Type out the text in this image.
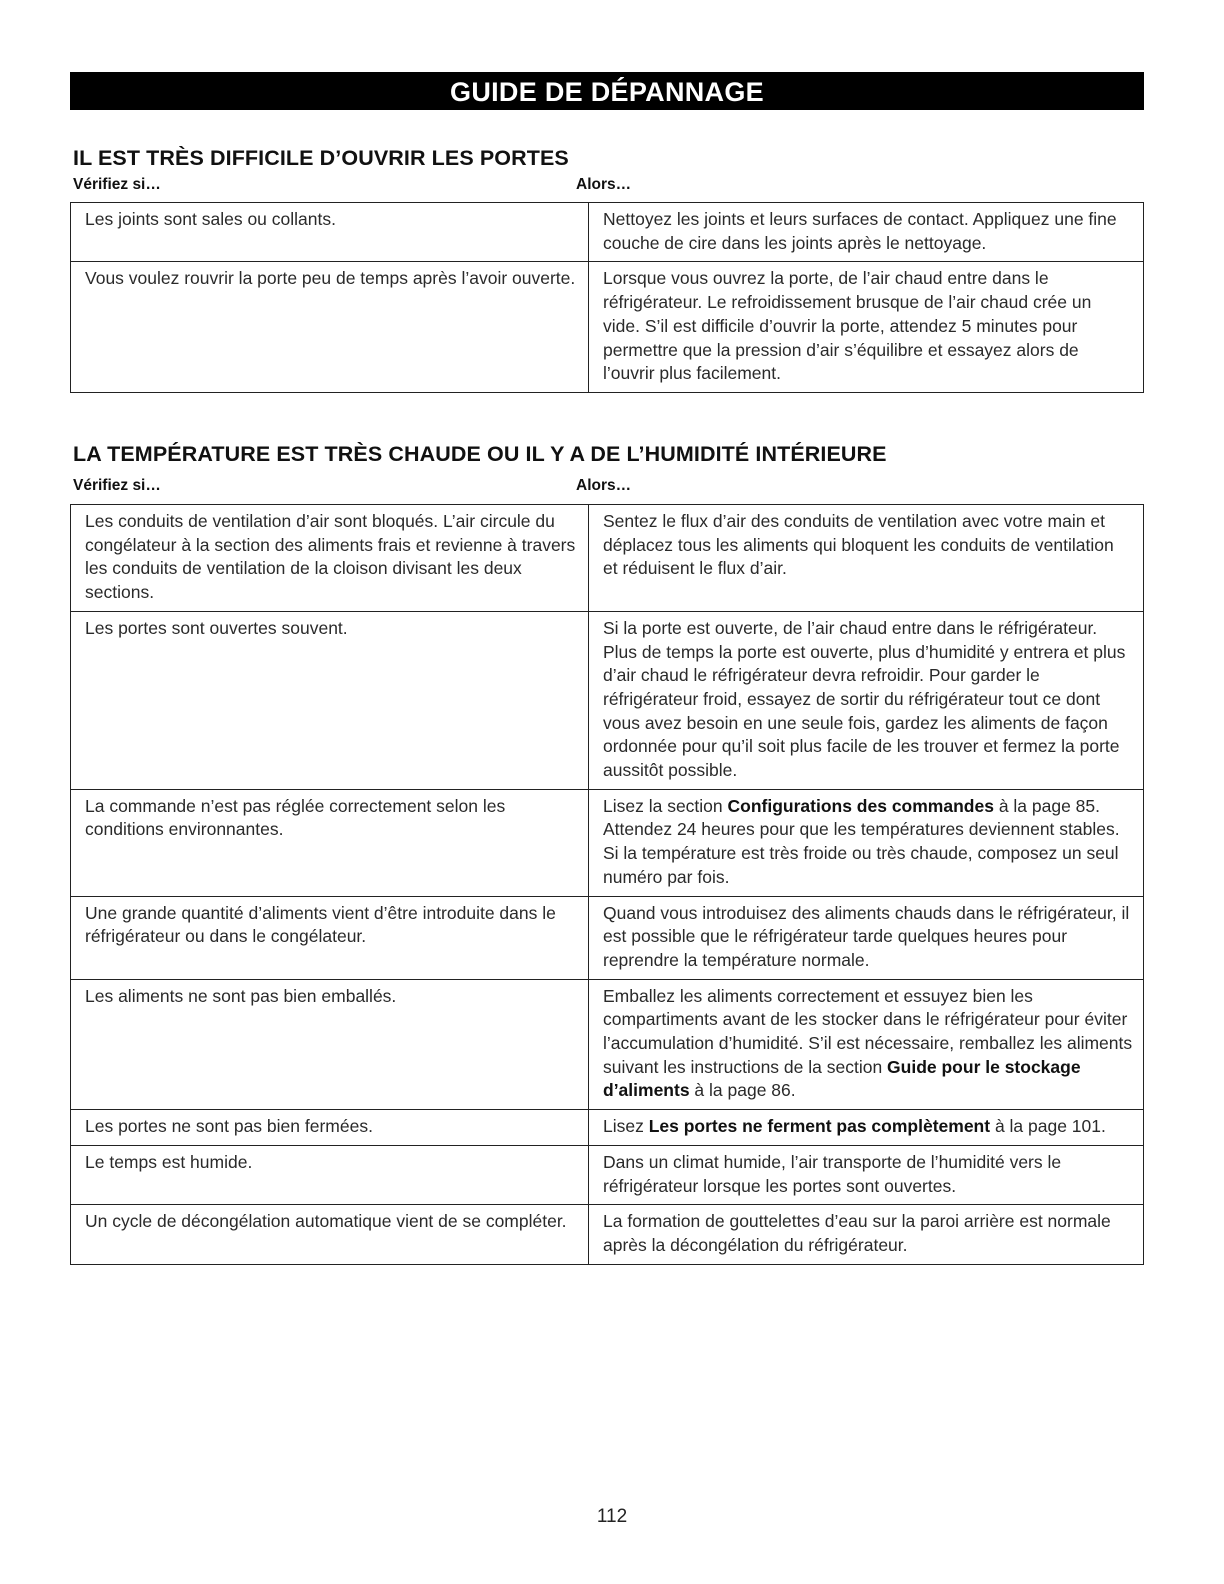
GUIDE DE DÉPANNAGE
IL EST TRÈS DIFFICILE D’OUVRIR LES PORTES
Vérifiez si…	Alors…
Les joints sont sales ou collants.	Nettoyez les joints et leurs surfaces de contact. Appliquez une fine couche de cire dans les joints après le nettoyage.
Vous voulez rouvrir la porte peu de temps après l’avoir ouverte.	Lorsque vous ouvrez la porte, de l’air chaud entre dans le réfrigérateur. Le refroidissement brusque de l’air chaud crée un vide. S’il est difficile d’ouvrir la porte, attendez 5 minutes pour permettre que la pression d’air s’équilibre et essayez alors de l’ouvrir plus facilement.
LA TEMPÉRATURE EST TRÈS CHAUDE OU IL Y A DE L’HUMIDITÉ INTÉRIEURE
Vérifiez si…	Alors…
Les conduits de ventilation d’air sont bloqués. L’air circule du congélateur à la section des aliments frais et revienne à travers les conduits de ventilation de la cloison divisant les deux sections.	Sentez le flux d’air des conduits de ventilation avec votre main et déplacez tous les aliments qui bloquent les conduits de ventilation et réduisent le flux d’air.
Les portes sont ouvertes souvent.	Si la porte est ouverte, de l’air chaud entre dans le réfrigérateur. Plus de temps la porte est ouverte, plus d’humidité y entrera et plus d’air chaud le réfrigérateur devra refroidir. Pour garder le réfrigérateur froid, essayez de sortir du réfrigérateur tout ce dont vous avez besoin en une seule fois, gardez les aliments de façon ordonnée pour qu’il soit plus facile de les trouver et fermez la porte aussitôt possible.
La commande n’est pas réglée correctement selon les conditions environnantes.	Lisez la section Configurations des commandes à la page 85. Attendez 24 heures pour que les températures deviennent stables. Si la température est très froide ou très chaude, composez un seul numéro par fois.
Une grande quantité d’aliments vient d’être introduite dans le réfrigérateur ou dans le congélateur.	Quand vous introduisez des aliments chauds dans le réfrigérateur, il est possible que le réfrigérateur tarde quelques heures pour reprendre la température normale.
Les aliments ne sont pas bien emballés.	Emballez les aliments correctement et essuyez bien les compartiments avant de les stocker dans le réfrigérateur pour éviter l’accumulation d’humidité. S’il est nécessaire, remballez les aliments suivant les instructions de la section Guide pour le stockage d’aliments à la page 86.
Les portes ne sont pas bien fermées.	Lisez Les portes ne ferment pas complètement à la page 101.
Le temps est humide.	Dans un climat humide, l’air transporte de l’humidité vers le réfrigérateur lorsque les portes sont ouvertes.
Un cycle de décongélation automatique vient de se compléter.	La formation de gouttelettes d’eau sur la paroi arrière est normale après la décongélation du réfrigérateur.
112
